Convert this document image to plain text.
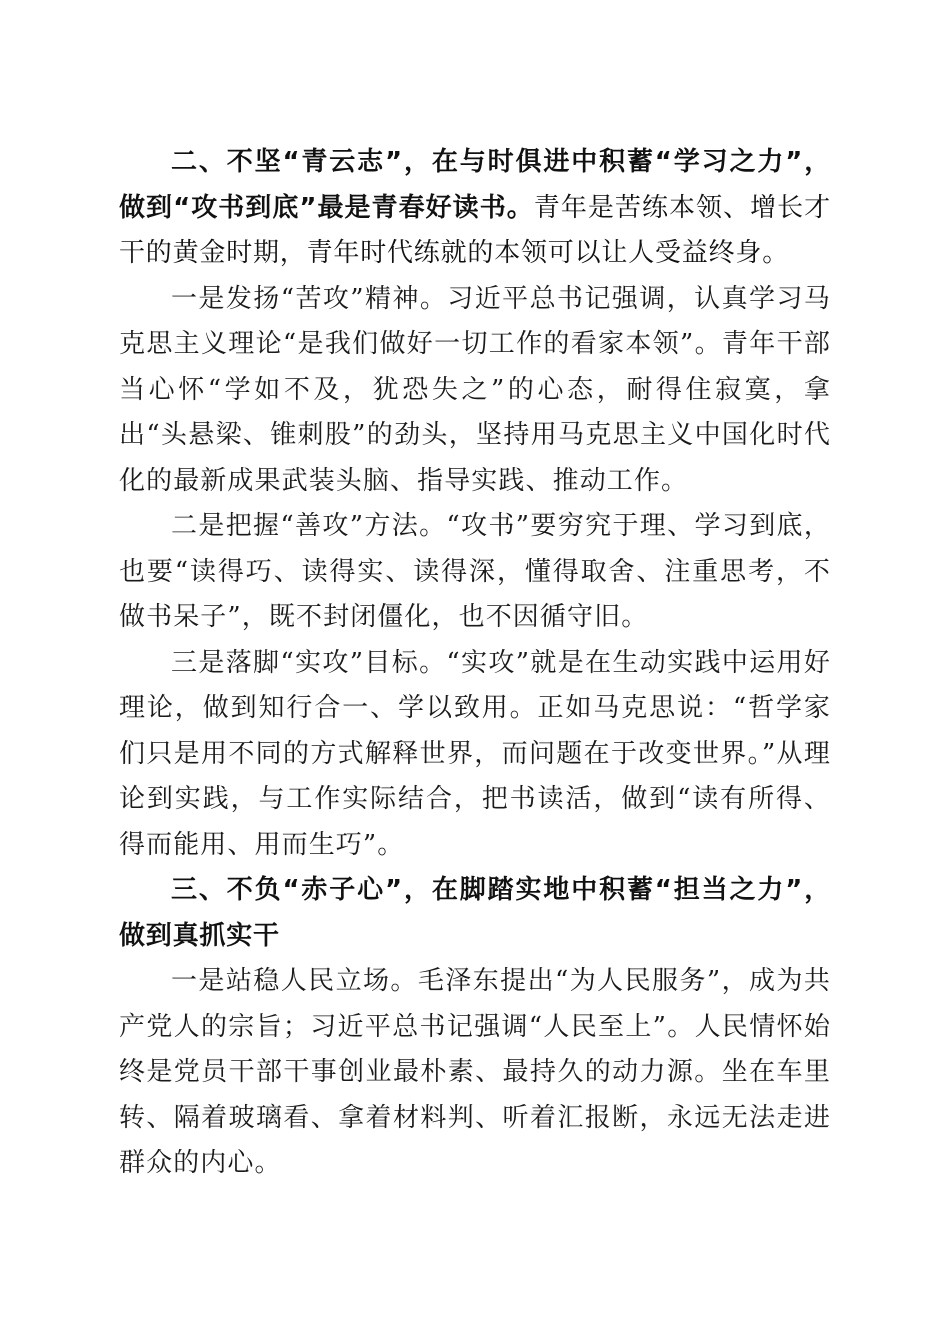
二、不坚“青云志”，在与时俱进中积蓄“学习之力”，做到“攻书到底”最是青春好读书。青年是苦练本领、增长才干的黄金时期，青年时代练就的本领可以让人受益终身。

一是发扬“苦攻”精神。习近平总书记强调，认真学习马克思主义理论“是我们做好一切工作的看家本领”。青年干部当心怀“学如不及，犹恐失之”的心态，耐得住寂寞，拿出“头悬梁、锥刺股”的劲头，坚持用马克思主义中国化时代化的最新成果武装头脑、指导实践、推动工作。

二是把握“善攻”方法。“攻书”要穷究于理、学习到底，也要“读得巧、读得实、读得深，懂得取舍、注重思考，不做书呆子”，既不封闭僵化，也不因循守旧。

三是落脚“实攻”目标。“实攻”就是在生动实践中运用好理论，做到知行合一、学以致用。正如马克思说：“哲学家们只是用不同的方式解释世界，而问题在于改变世界。”从理论到实践，与工作实际结合，把书读活，做到“读有所得、得而能用、用而生巧”。

三、不负“赤子心”，在脚踏实地中积蓄“担当之力”，做到真抓实干

一是站稳人民立场。毛泽东提出“为人民服务”，成为共产党人的宗旨；习近平总书记强调“人民至上”。人民情怀始终是党员干部干事创业最朴素、最持久的动力源。坐在车里转、隔着玻璃看、拿着材料判、听着汇报断，永远无法走进群众的内心。
